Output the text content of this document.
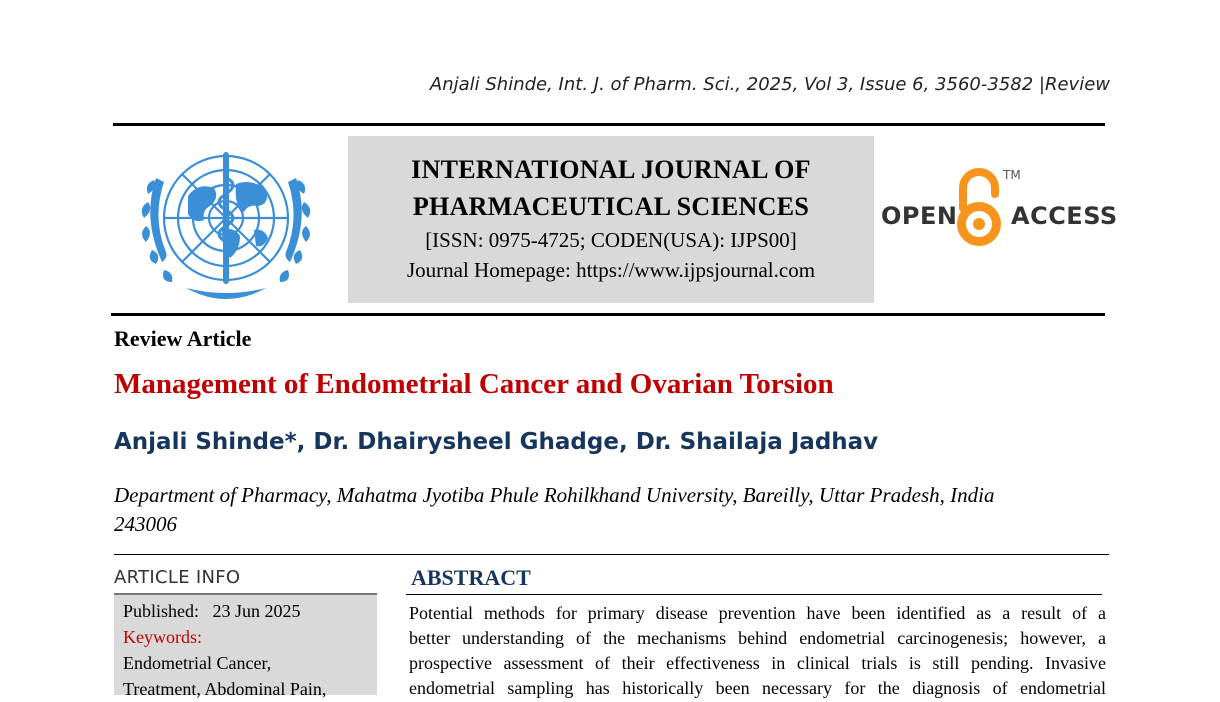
Anjali Shinde, Int. J. of Pharm. Sci., 2025, Vol 3, Issue 6, 3560-3582 |Review
INTERNATIONAL JOURNAL OF
PHARMACEUTICAL SCIENCES
[ISSN: 0975-4725; CODEN(USA): IJPS00]
Journal Homepage: https://www.ijpsjournal.com
OPEN
TM
ACCESS
Review Article
Management of Endometrial Cancer and Ovarian Torsion
Anjali Shinde*, Dr. Dhairysheel Ghadge, Dr. Shailaja Jadhav
Department of Pharmacy, Mahatma Jyotiba Phule Rohilkhand University, Bareilly, Uttar Pradesh, India
243006
ARTICLE INFO
Published: 23 Jun 2025
Keywords:
Endometrial Cancer,
Treatment, Abdominal Pain,
ABSTRACT
Potential methods for primary disease prevention have been identified as a result of a
better understanding of the mechanisms behind endometrial carcinogenesis; however, a
prospective assessment of their effectiveness in clinical trials is still pending. Invasive
endometrial sampling has historically been necessary for the diagnosis of endometrial
